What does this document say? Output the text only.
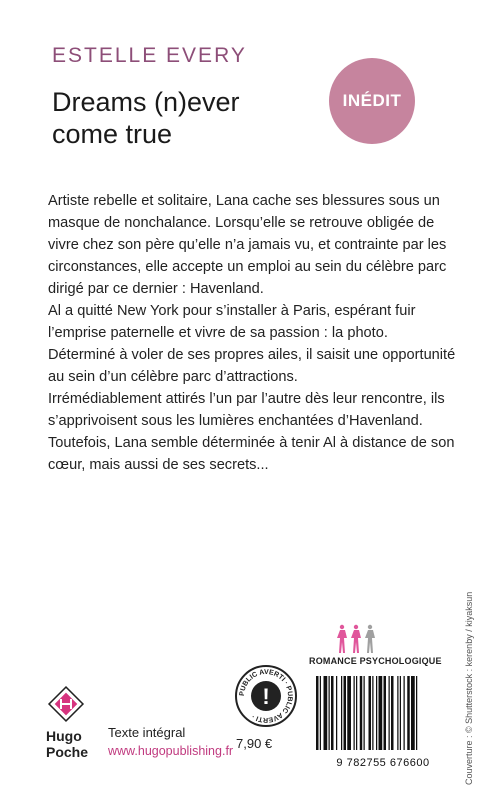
ESTELLE EVERY
Dreams (n)ever
come true
INÉDIT

Artiste rebelle et solitaire, Lana cache ses blessures sous un masque de nonchalance. Lorsqu’elle se retrouve obligée de vivre chez son père qu’elle n’a jamais vu, et contrainte par les circonstances, elle accepte un emploi au sein du célèbre parc dirigé par ce dernier : Havenland.

Al a quitté New York pour s’installer à Paris, espérant fuir l’emprise paternelle et vivre de sa passion : la photo. Déterminé à voler de ses propres ailes, il saisit une opportunité au sein d’un célèbre parc d’attractions.

Irrémédiablement attirés l’un par l’autre dès leur rencontre, ils s’apprivoisent sous les lumières enchantées d’Havenland. Toutefois, Lana semble déterminée à tenir Al à distance de son cœur, mais aussi de ses secrets...

Couverture : © Shutterstock : kerenby / kiyaksun
ROMANCE PSYCHOLOGIQUE
PUBLIC AVERTI · PUBLIC AVERTI ·
!
9 782755 676600
7,90 €
Hugo
Poche
Texte intégral
www.hugopublishing.fr
